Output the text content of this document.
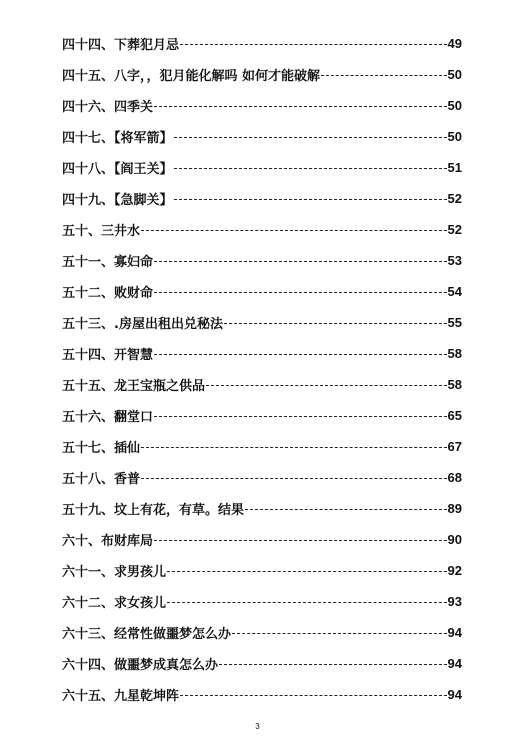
四十四、下葬犯月忌	49
四十五、八字，，犯月能化解吗 如何才能破解	50
四十六、四季关	50
四十七、【将军箭】	50
四十八、【阎王关】	51
四十九、【急脚关】	52
五十、三井水	52
五十一、寡妇命	53
五十二、败财命	54
五十三、.房屋出租出兑秘法	55
五十四、开智慧	58
五十五、龙王宝瓶之供品	58
五十六、翻堂口	65
五十七、插仙	67
五十八、香普	68
五十九、坟上有花，有草。结果	89
六十、布财库局	90
六十一、求男孩儿	92
六十二、求女孩儿	93
六十三、经常性做噩梦怎么办	94
六十四、做噩梦成真怎么办	94
六十五、九星乾坤阵	94
3
